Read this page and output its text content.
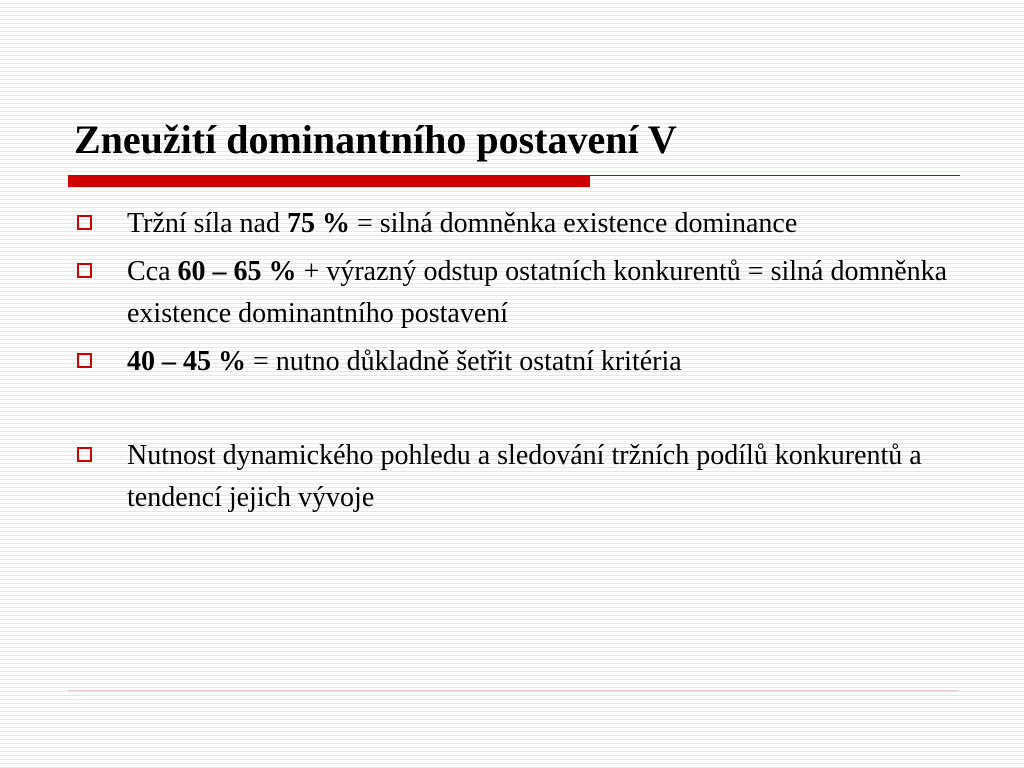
Zneužití dominantního postavení V
Tržní síla nad 75 % = silná domněnka existence dominance
Cca 60 – 65 % + výrazný odstup ostatních konkurentů = silná domněnka existence dominantního postavení
40 – 45 % = nutno důkladně šetřit ostatní kritéria
Nutnost dynamického pohledu a sledování tržních podílů konkurentů a tendencí jejich vývoje
